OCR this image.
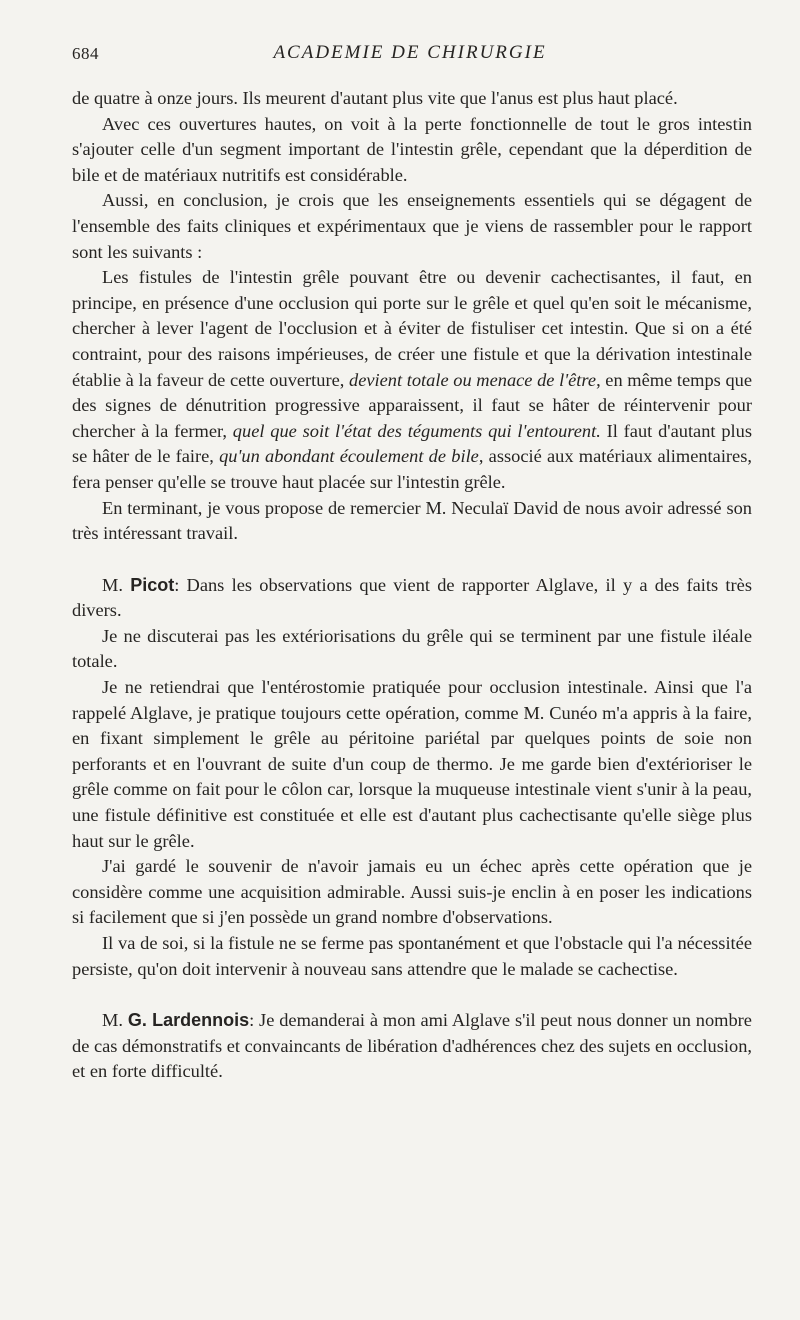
684	ACADEMIE DE CHIRURGIE

de quatre à onze jours. Ils meurent d'autant plus vite que l'anus est plus haut placé.

Avec ces ouvertures hautes, on voit à la perte fonctionnelle de tout le gros intestin s'ajouter celle d'un segment important de l'intestin grêle, cependant que la déperdition de bile et de matériaux nutritifs est considérable.

Aussi, en conclusion, je crois que les enseignements essentiels qui se dégagent de l'ensemble des faits cliniques et expérimentaux que je viens de rassembler pour le rapport sont les suivants :

Les fistules de l'intestin grêle pouvant être ou devenir cachectisantes, il faut, en principe, en présence d'une occlusion qui porte sur le grêle et quel qu'en soit le mécanisme, chercher à lever l'agent de l'occlusion et à éviter de fistuliser cet intestin. Que si on a été contraint, pour des raisons impérieuses, de créer une fistule et que la dérivation intestinale établie à la faveur de cette ouverture, devient totale ou menace de l'être, en même temps que des signes de dénutrition progressive apparaissent, il faut se hâter de réintervenir pour chercher à la fermer, quel que soit l'état des téguments qui l'entourent. Il faut d'autant plus se hâter de le faire, qu'un abondant écoulement de bile, associé aux matériaux alimentaires, fera penser qu'elle se trouve haut placée sur l'intestin grêle.

En terminant, je vous propose de remercier M. Neculaï David de nous avoir adressé son très intéressant travail.

M. Picot: Dans les observations que vient de rapporter Alglave, il y a des faits très divers.

Je ne discuterai pas les extériorisations du grêle qui se terminent par une fistule iléale totale.

Je ne retiendrai que l'entérostomie pratiquée pour occlusion intestinale. Ainsi que l'a rappelé Alglave, je pratique toujours cette opération, comme M. Cunéo m'a appris à la faire, en fixant simplement le grêle au péritoine pariétal par quelques points de soie non perforants et en l'ouvrant de suite d'un coup de thermo. Je me garde bien d'extérioriser le grêle comme on fait pour le côlon car, lorsque la muqueuse intestinale vient s'unir à la peau, une fistule définitive est constituée et elle est d'autant plus cachectisante qu'elle siège plus haut sur le grêle.

J'ai gardé le souvenir de n'avoir jamais eu un échec après cette opération que je considère comme une acquisition admirable. Aussi suis-je enclin à en poser les indications si facilement que si j'en possède un grand nombre d'observations.

Il va de soi, si la fistule ne se ferme pas spontanément et que l'obstacle qui l'a nécessitée persiste, qu'on doit intervenir à nouveau sans attendre que le malade se cachectise.

M. G. Lardennois: Je demanderai à mon ami Alglave s'il peut nous donner un nombre de cas démonstratifs et convaincants de libération d'adhérences chez des sujets en occlusion, et en forte difficulté.
